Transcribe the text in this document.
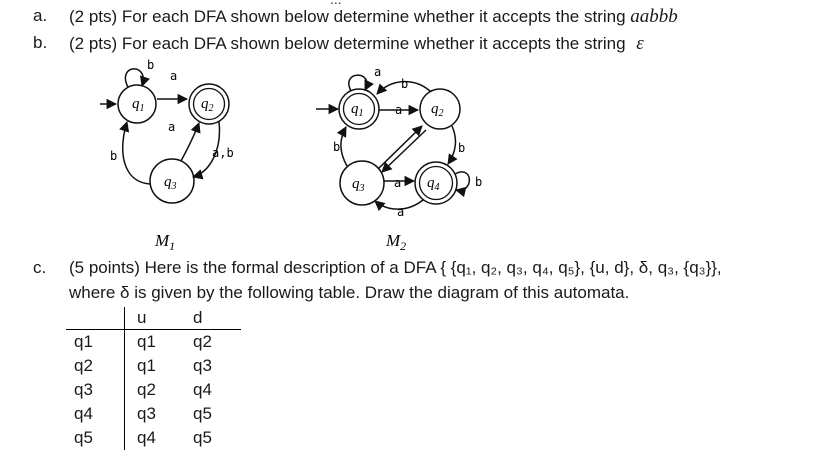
a. (2 pts) For each DFA shown below determine whether it accepts the string aabbb
b. (2 pts) For each DFA shown below determine whether it accepts the string ε
$q_1$	$q_2$
$q_3$
b
a
b	a,b
a
$q_1$	$q_2$
$q_3$	$q_4$
a
b
a
b	b
a
a
b
$M_1$	$M_2$
c. (5 points) Here is the formal description of a DFA { {q₁, q₂, q₃, q₄, q₅}, {u, d}, δ, q₃, {q₃}},
where δ is given by the following table. Draw the diagram of this automata.
	u	d
q1	q1	q2
q2	q1	q3
q3	q2	q4
q4	q3	q5
q5	q4	q5
